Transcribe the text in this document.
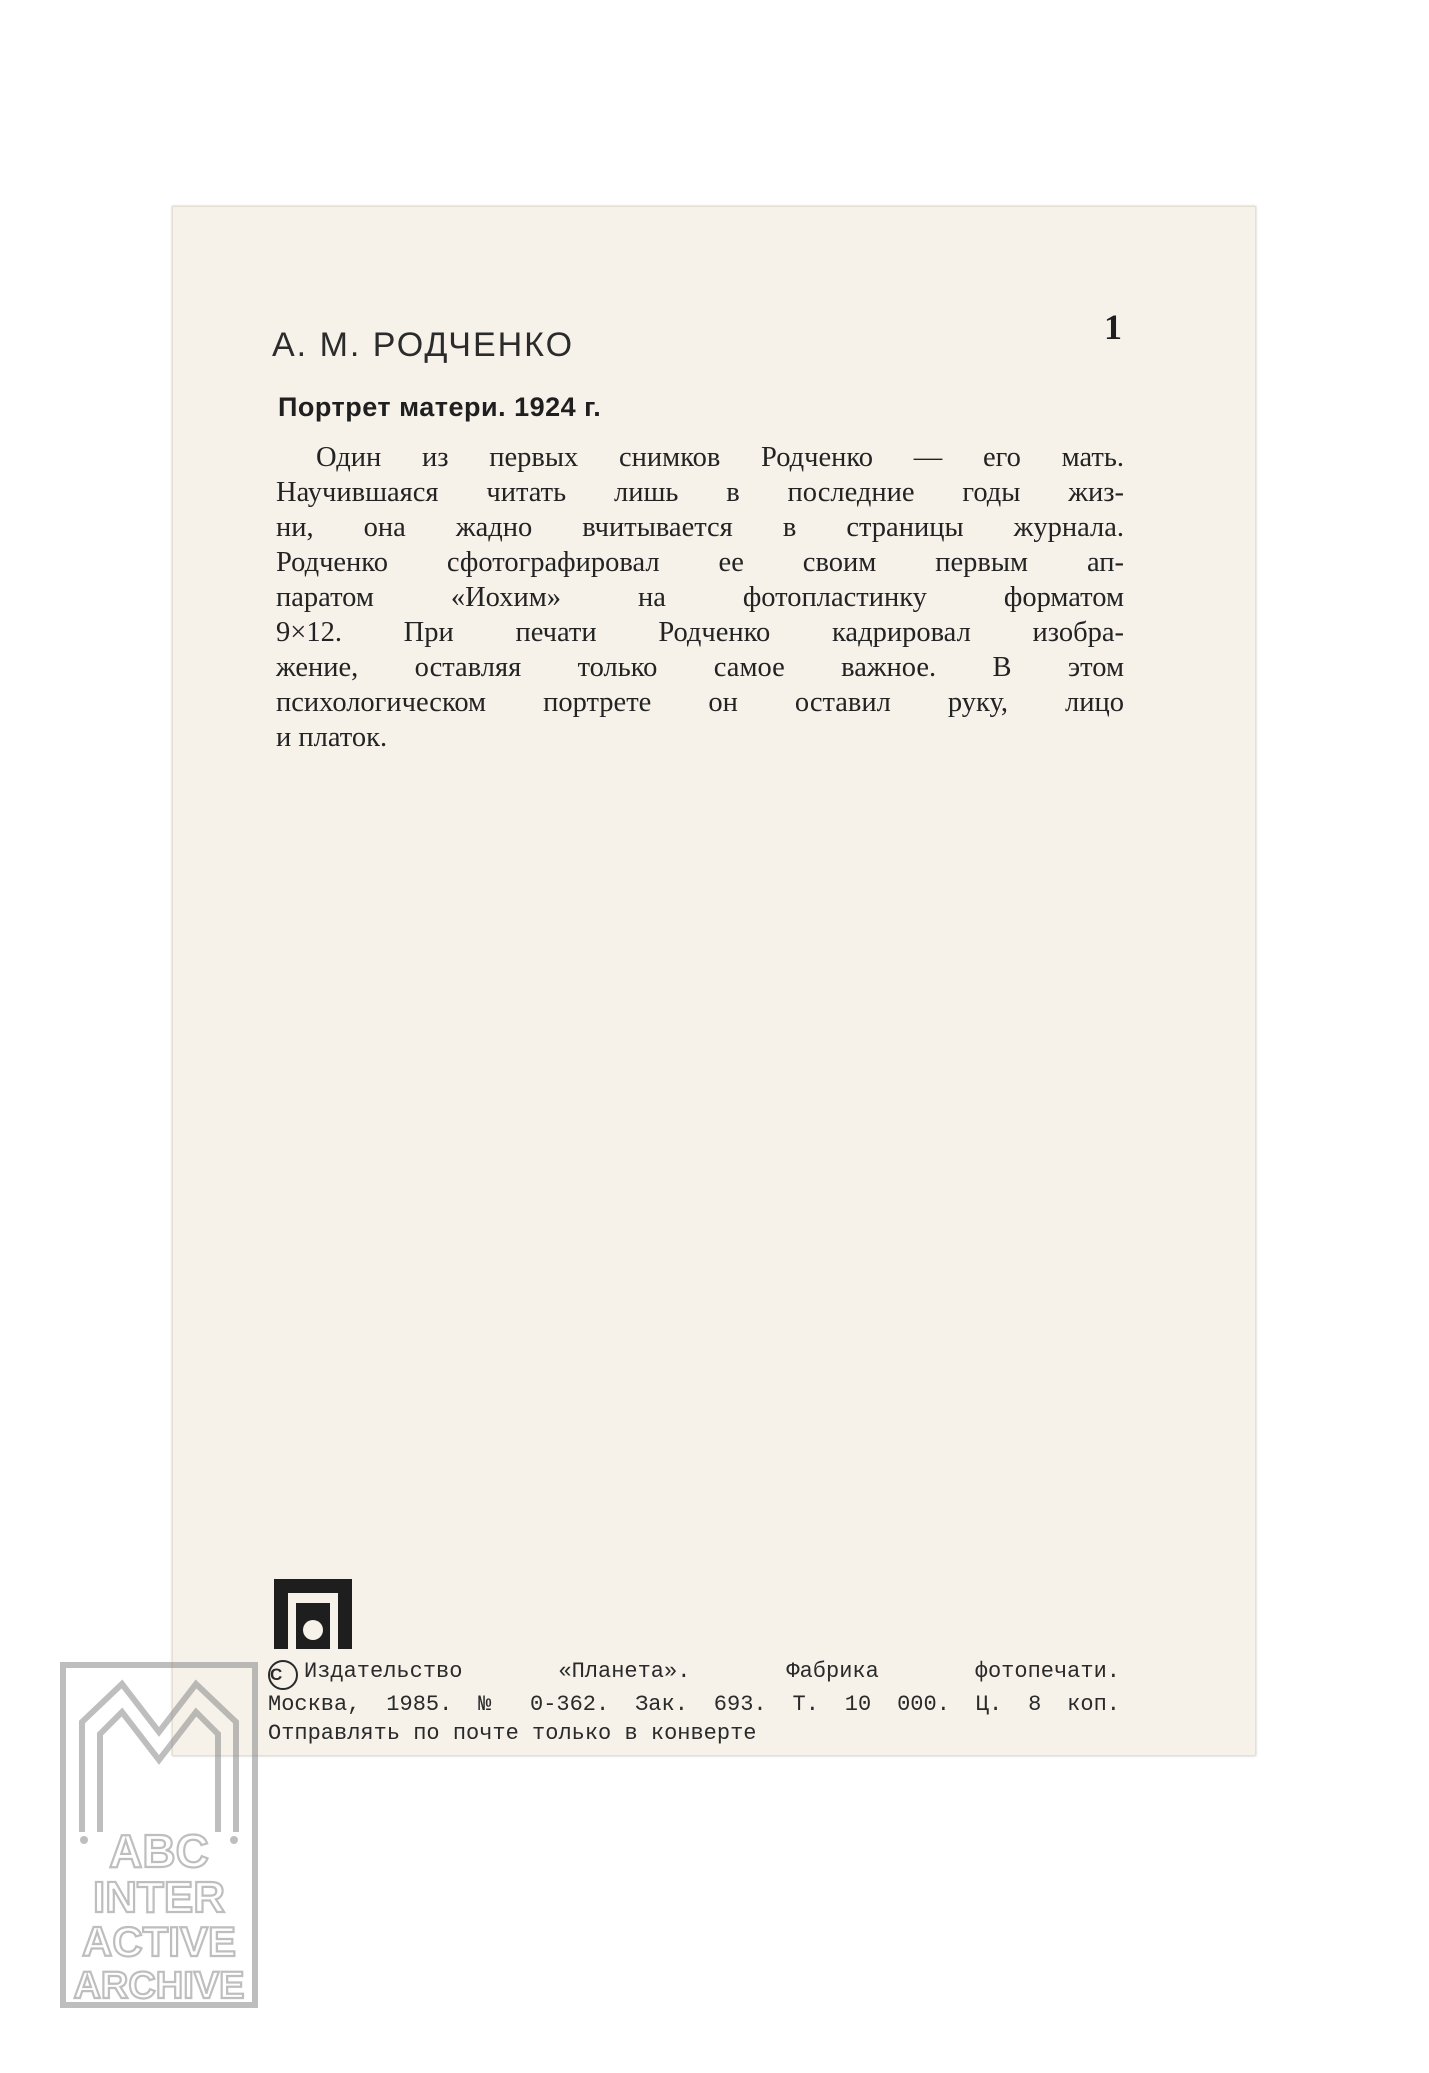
А. М. РОДЧЕНКО	1
Портрет матери. 1924 г.
Один из первых снимков Родченко — его мать.
Научившаяся читать лишь в последние годы жиз-
ни, она жадно вчитывается в страницы журнала.
Родченко сфотографировал ее своим первым ап-
паратом «Иохим» на фотопластинку форматом
9×12. При печати Родченко кадрировал изобра-
жение, оставляя только самое важное. В этом
психологическом портрете он оставил руку, лицо
и платок.
C Издательство «Планета». Фабрика фотопечати.
Москва, 1985. № 0-362. Зак. 693. Т. 10 000. Ц. 8 коп.
Отправлять по почте только в конверте
ABC
INTER
ACTIVE
ARCHIVE
